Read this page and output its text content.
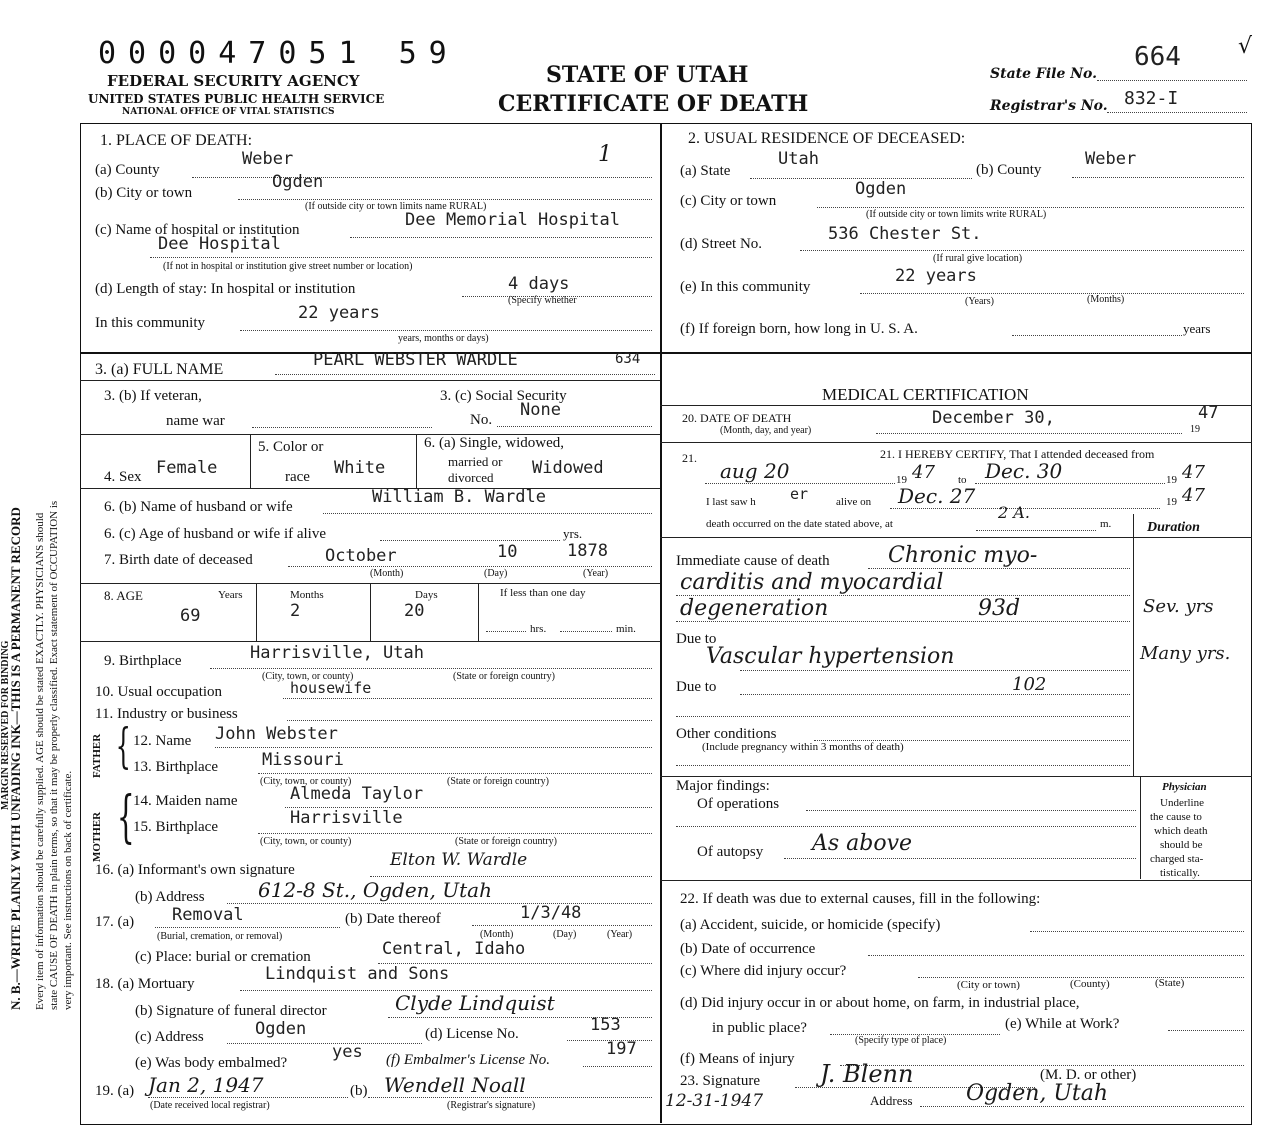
N. B.—WRITE PLAINLY WITH UNFADING INK—THIS IS A PERMANENT RECORD
MARGIN RESERVED FOR BINDING Every item of information should be carefully supplied. AGE should be stated EXACTLY. PHYSICIANS should state CAUSE OF DEATH in plain terms, so that it may be properly classified. Exact statement of OCCUPATION is very important. See instructions on back of certificate.
000047051 59
FEDERAL SECURITY AGENCY
UNITED STATES PUBLIC HEALTH SERVICE
NATIONAL OFFICE OF VITAL STATISTICS
STATE OF UTAH
CERTIFICATE OF DEATH
State File No.
664	√
Registrar's No. 832-I
1. PLACE OF DEATH:
(a) County
Weber	1
(b) City or town
Ogden
(If outside city or town limits name RURAL)
(c) Name of hospital or institution	Dee Memorial Hospital
Dee Hospital
(If not in hospital or institution give street number or location)
(d) Length of stay: In hospital or institution	4 days
(Specify whether
In this community	22 years
years, months or days)
2. USUAL RESIDENCE OF DECEASED:
(a) State
Utah
(b) County
Weber
(c) City or town
Ogden
(If outside city or town limits write RURAL)
(d) Street No.	536 Chester St.
(If rural give location)
(e) In this community
22 years
(Years)	(Months)
(f) If foreign born, how long in U. S. A.	years
3. (a) FULL NAME	PEARL WEBSTER WARDLE	634
3. (b) If veteran,
name war
3. (c) Social Security
No. None
4. Sex Female
5. Color or
race White
6. (a) Single, widowed,
married or
divorced Widowed
6. (b) Name of husband or wife	William B. Wardle
6. (c) Age of husband or wife if alive	yrs.
7. Birth date of deceased	October	10	1878
(Month)	(Day)	(Year)
8. AGE	Years
69
Months
2
Days
20
If less than one day
hrs.	min.
9. Birthplace	Harrisville, Utah
(City, town, or county)	(State or foreign country)
10. Usual occupation	housewife
11. Industry or business
FATHER
MOTHER
{
{
12. Name John Webster
13. Birthplace	Missouri
(City, town, or county)	(State or foreign country)
14. Maiden name	Almeda Taylor
15. Birthplace	Harrisville
(City, town, or county)	(State or foreign country)
16. (a) Informant's own signature	Elton W. Wardle
(b) Address	612-8 St., Ogden, Utah
17. (a) Removal
(Burial, cremation, or removal)
(b) Date thereof	1/3/48
(Month)	(Day)	(Year)
(c) Place: burial or cremation	Central, Idaho
18. (a) Mortuary	Lindquist and Sons
(b) Signature of funeral director	Clyde Lindquist
(c) Address	Ogden	(d) License No.	153
(e) Was body embalmed?
yes (f) Embalmer's License No.
197
19. (a) Jan 2, 1947
(Date received local registrar)
(b) Wendell Noall
(Registrar's signature)
MEDICAL CERTIFICATION
20. DATE OF DEATH
(Month, day, and year)
December 30,
19
47
21.	21. I HEREBY CERTIFY, That I attended deceased from
aug 20	19 47 to Dec. 30	19 47
I last saw h er	alive on Dec. 27	19 47
death occurred on the date stated above, at
2 A.
m.	Duration
Immediate cause of death	Chronic myo-
carditis and myocardial
degeneration	93d	Sev. yrs
Due to
Vascular hypertension	Many yrs.
Due to	102
Other conditions
(Include pregnancy within 3 months of death)
Major findings:
Of operations
Of autopsy As above
Physician
Underline
the cause to
which death
should be
charged sta-
tistically.
22. If death was due to external causes, fill in the following:
(a) Accident, suicide, or homicide (specify)
(b) Date of occurrence
(c) Where did injury occur?
(City or town)	(County)	(State)
(d) Did injury occur in or about home, on farm, in industrial place,
in public place?
(Specify type of place)
(e) While at Work?
(f) Means of injury
23. Signature	J. Blenn	(M. D. or other)
12-31-1947	Address Ogden, Utah
